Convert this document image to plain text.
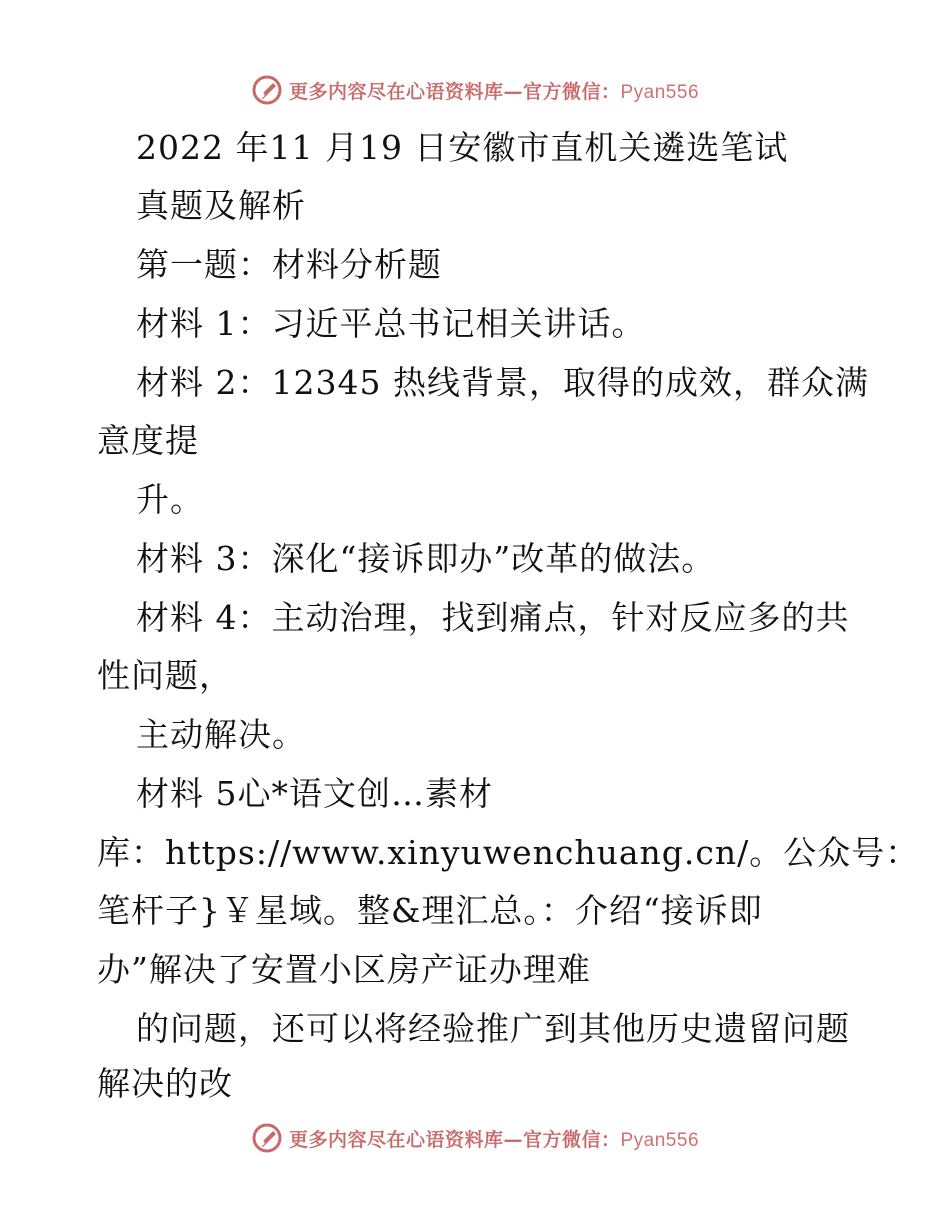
更多内容尽在心语资料库—官方微信：Pyan556
2022 年11 月19 日安徽市直机关遴选笔试
真题及解析
第一题：材料分析题
材料 1：习近平总书记相关讲话。
材料 2：12345 热线背景，取得的成效，群众满
意度提
升。
材料 3：深化“接诉即办”改革的做法。
材料 4：主动治理，找到痛点，针对反应多的共
性问题，
主动解决。
材料 5心*语文创…素材
库：https://www.xinyuwenchuang.cn/。公众号：
笔杆子}￥星域。整&理汇总。：介绍“接诉即
办”解决了安置小区房产证办理难
的问题，还可以将经验推广到其他历史遗留问题
解决的改
更多内容尽在心语资料库—官方微信：Pyan556
